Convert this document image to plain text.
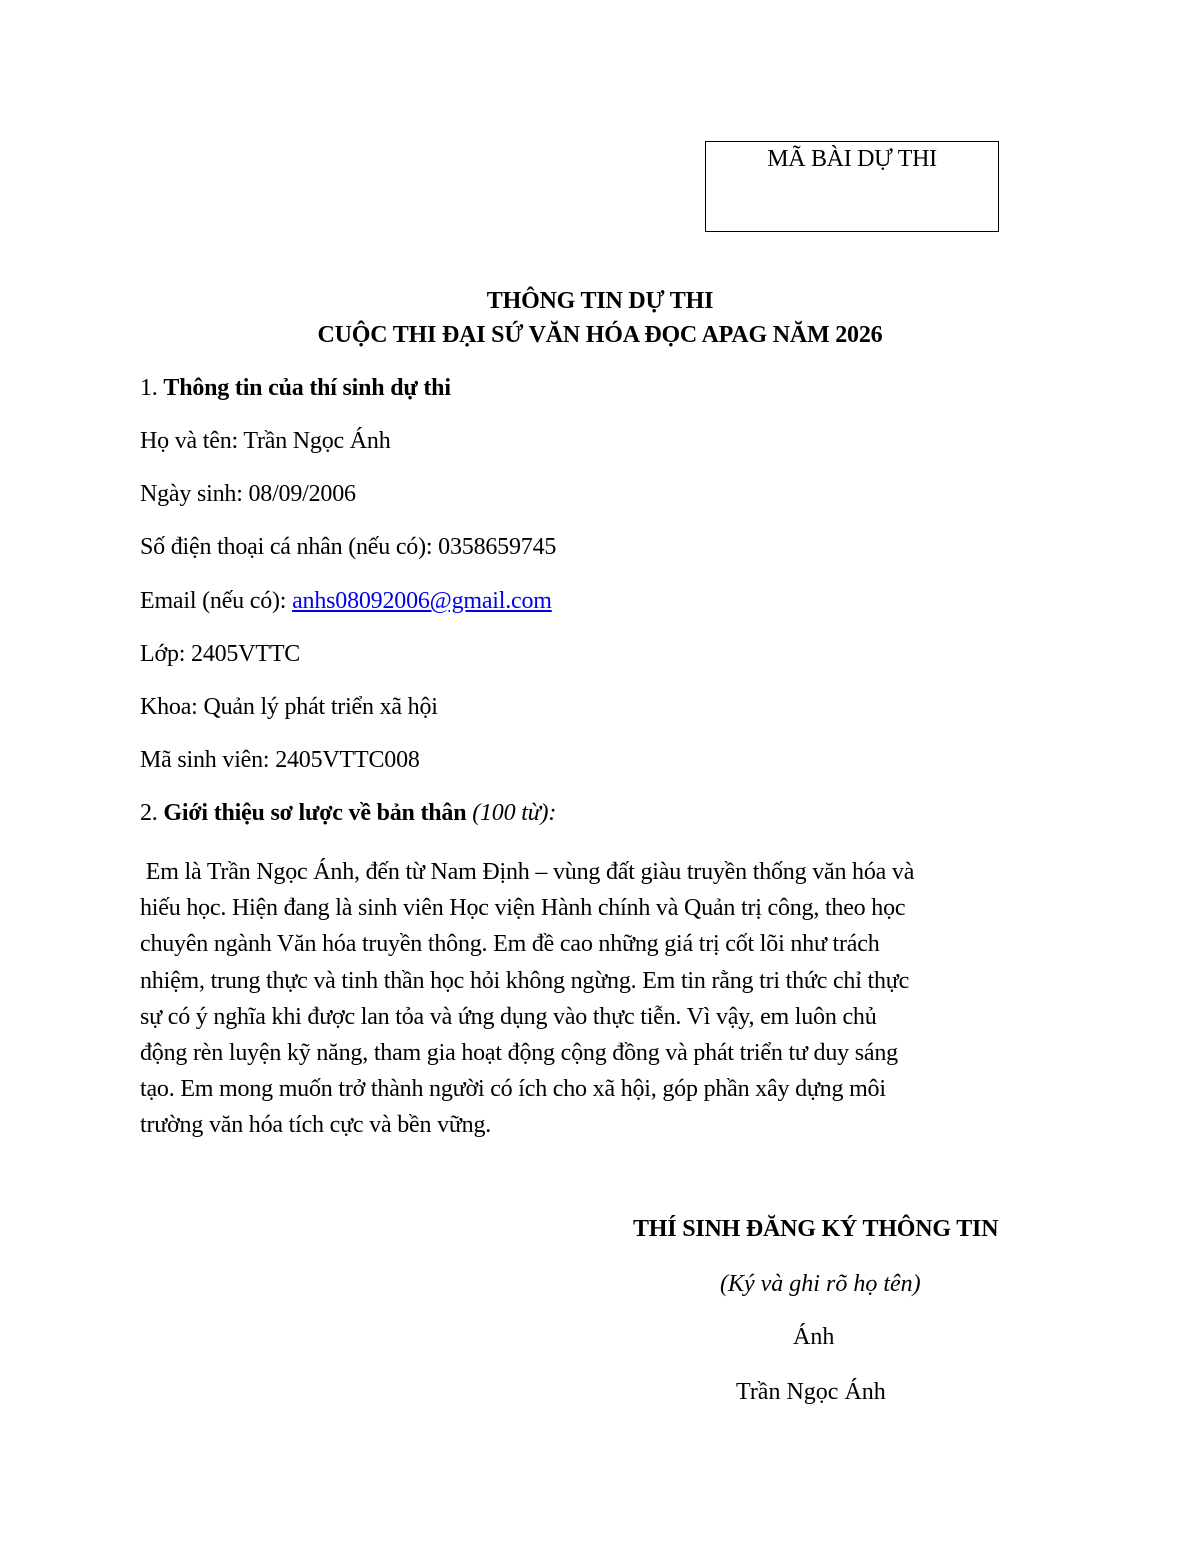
MÃ BÀI DỰ THI
THÔNG TIN DỰ THI
CUỘC THI ĐẠI SỨ VĂN HÓA ĐỌC APAG NĂM 2026
1. Thông tin của thí sinh dự thi
Họ và tên: Trần Ngọc Ánh
Ngày sinh: 08/09/2006
Số điện thoại cá nhân (nếu có): 0358659745
Email (nếu có): anhs08092006@gmail.com
Lớp: 2405VTTC
Khoa: Quản lý phát triển xã hội
Mã sinh viên: 2405VTTC008
2. Giới thiệu sơ lược về bản thân (100 từ):
Em là Trần Ngọc Ánh, đến từ Nam Định – vùng đất giàu truyền thống văn hóa và
hiếu học. Hiện đang là sinh viên Học viện Hành chính và Quản trị công, theo học
chuyên ngành Văn hóa truyền thông. Em đề cao những giá trị cốt lõi như trách
nhiệm, trung thực và tinh thần học hỏi không ngừng. Em tin rằng tri thức chỉ thực
sự có ý nghĩa khi được lan tỏa và ứng dụng vào thực tiễn. Vì vậy, em luôn chủ
động rèn luyện kỹ năng, tham gia hoạt động cộng đồng và phát triển tư duy sáng
tạo. Em mong muốn trở thành người có ích cho xã hội, góp phần xây dựng môi
trường văn hóa tích cực và bền vững.
THÍ SINH ĐĂNG KÝ THÔNG TIN
(Ký và ghi rõ họ tên)
Ánh
Trần Ngọc Ánh
